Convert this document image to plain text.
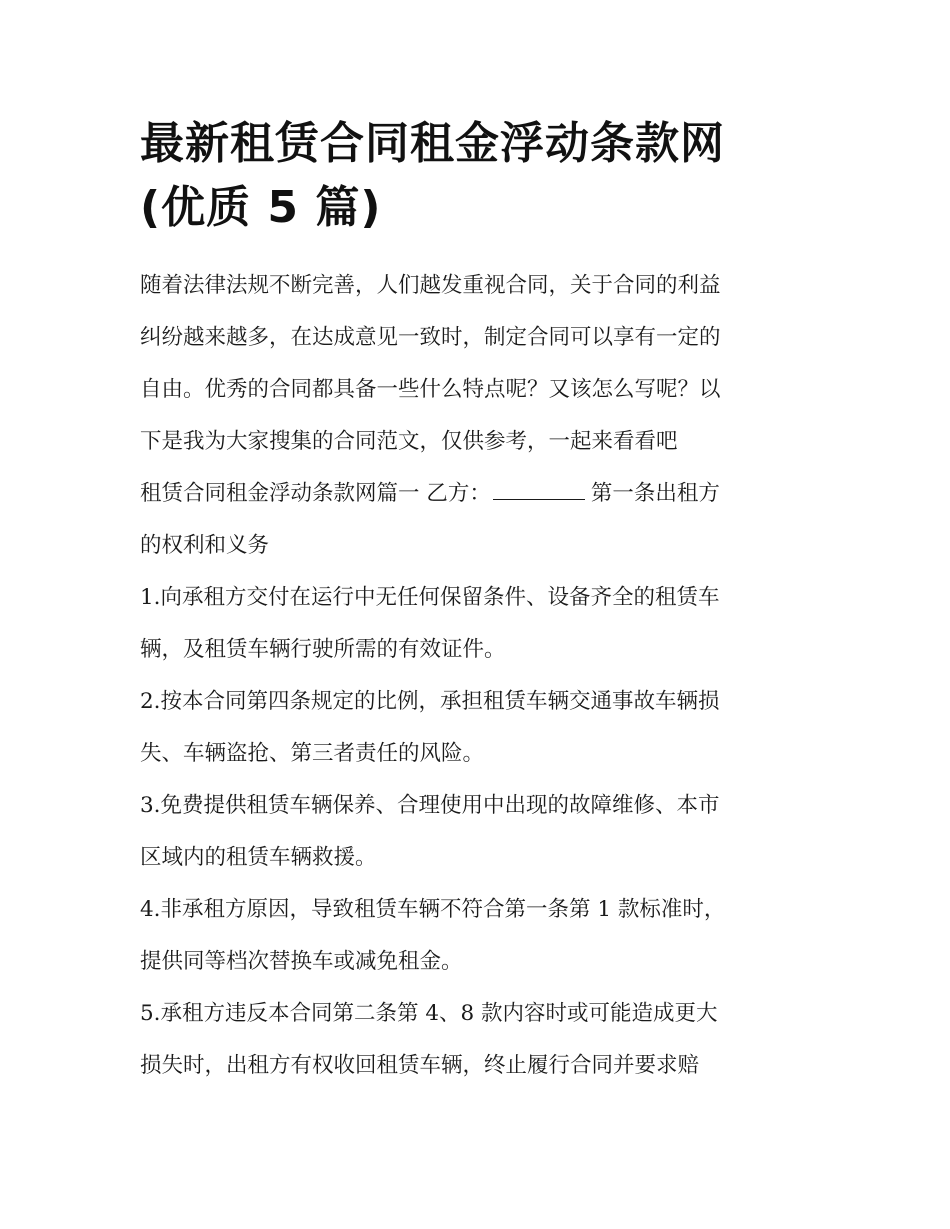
最新租赁合同租金浮动条款网
(优质 5 篇)
随着法律法规不断完善，人们越发重视合同，关于合同的利益
纠纷越来越多，在达成意见一致时，制定合同可以享有一定的
自由。优秀的合同都具备一些什么特点呢？又该怎么写呢？以
下是我为大家搜集的合同范文，仅供参考，一起来看看吧
租赁合同租金浮动条款网篇一 乙方：	第一条出租方
的权利和义务
1.向承租方交付在运行中无任何保留条件、设备齐全的租赁车
辆，及租赁车辆行驶所需的有效证件。
2.按本合同第四条规定的比例，承担租赁车辆交通事故车辆损
失、车辆盗抢、第三者责任的风险。
3.免费提供租赁车辆保养、合理使用中出现的故障维修、本市
区域内的租赁车辆救援。
4.非承租方原因，导致租赁车辆不符合第一条第 1 款标准时，
提供同等档次替换车或减免租金。
5.承租方违反本合同第二条第 4、8 款内容时或可能造成更大
损失时，出租方有权收回租赁车辆，终止履行合同并要求赔
